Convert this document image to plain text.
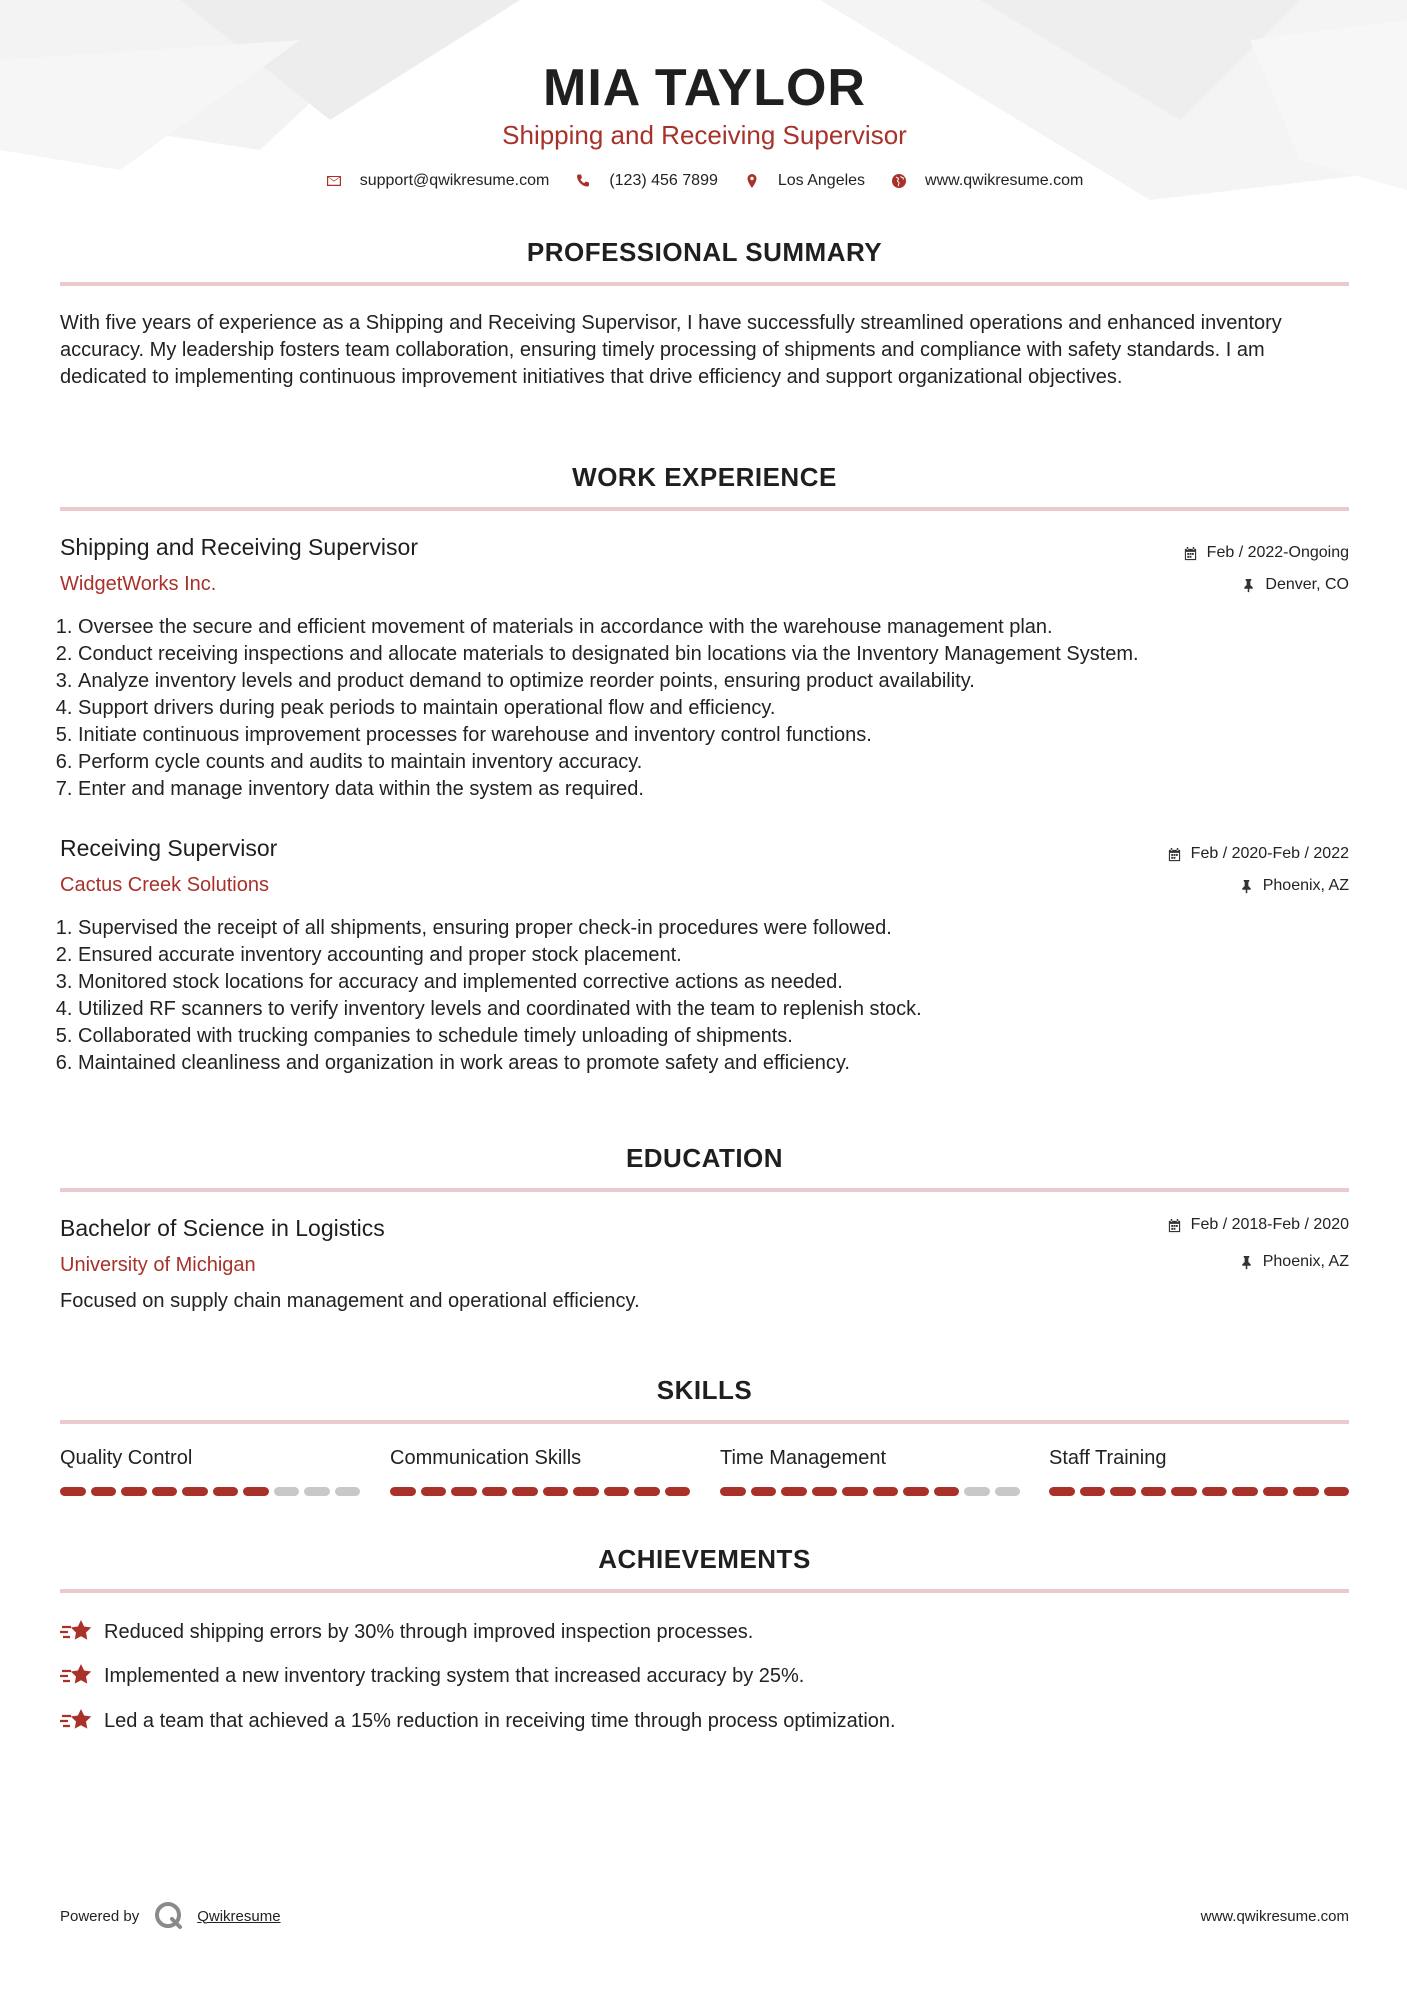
MIA TAYLOR
Shipping and Receiving Supervisor
support@qwikresume.com	(123) 456 7899	Los Angeles	www.qwikresume.com
PROFESSIONAL SUMMARY

With five years of experience as a Shipping and Receiving Supervisor, I have successfully streamlined operations and enhanced inventory accuracy. My leadership fosters team collaboration, ensuring timely processing of shipments and compliance with safety standards. I am dedicated to implementing continuous improvement initiatives that drive efficiency and support organizational objectives.

WORK EXPERIENCE
Shipping and Receiving Supervisor
WidgetWorks Inc.
Feb / 2022-Ongoing
Denver, CO
1. Oversee the secure and efficient movement of materials in accordance with the warehouse management plan.
2. Conduct receiving inspections and allocate materials to designated bin locations via the Inventory Management System.
3. Analyze inventory levels and product demand to optimize reorder points, ensuring product availability.
4. Support drivers during peak periods to maintain operational flow and efficiency.
5. Initiate continuous improvement processes for warehouse and inventory control functions.
6. Perform cycle counts and audits to maintain inventory accuracy.
7. Enter and manage inventory data within the system as required.
Receiving Supervisor
Cactus Creek Solutions
Feb / 2020-Feb / 2022
Phoenix, AZ
1. Supervised the receipt of all shipments, ensuring proper check-in procedures were followed.
2. Ensured accurate inventory accounting and proper stock placement.
3. Monitored stock locations for accuracy and implemented corrective actions as needed.
4. Utilized RF scanners to verify inventory levels and coordinated with the team to replenish stock.
5. Collaborated with trucking companies to schedule timely unloading of shipments.
6. Maintained cleanliness and organization in work areas to promote safety and efficiency.
EDUCATION
Bachelor of Science in Logistics
University of Michigan
Feb / 2018-Feb / 2020
Phoenix, AZ
Focused on supply chain management and operational efficiency.
SKILLS
Quality Control	Communication Skills	Time Management	Staff Training
ACHIEVEMENTS
Reduced shipping errors by 30% through improved inspection processes.
Implemented a new inventory tracking system that increased accuracy by 25%.
Led a team that achieved a 15% reduction in receiving time through process optimization.
Powered by	Qwikresume	www.qwikresume.com
